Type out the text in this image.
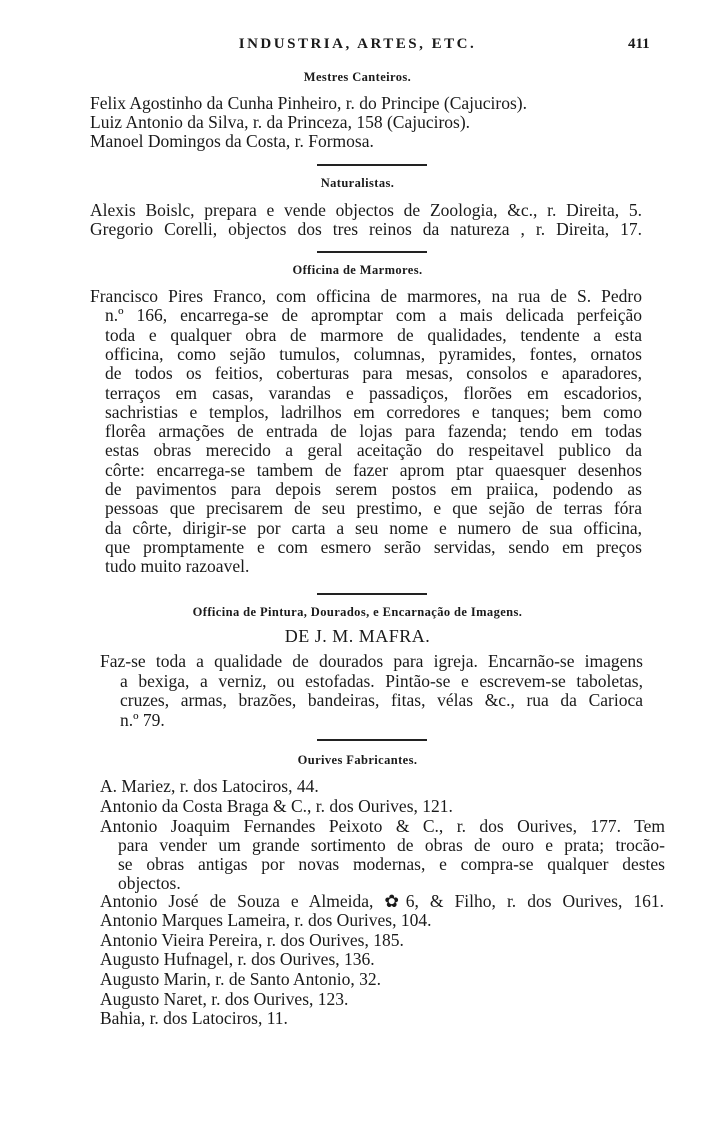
INDUSTRIA, ARTES, ETC.	411
Mestres Canteiros.
Felix Agostinho da Cunha Pinheiro, r. do Principe (Cajuciros).
Luiz Antonio da Silva, r. da Princeza, 158 (Cajuciros).
Manoel Domingos da Costa, r. Formosa.
Naturalistas.
Alexis Boislc, prepara e vende objectos de Zoologia, &c., r. Direita, 5.
Gregorio Corelli, objectos dos tres reinos da natureza , r. Direita, 17.
Officina de Marmores.
Francisco Pires Franco, com officina de marmores, na rua de S. Pedro
n.º 166, encarrega-se de apromptar com a mais delicada perfeição
toda e qualquer obra de marmore de qualidades, tendente a esta
officina, como sejão tumulos, columnas, pyramides, fontes, ornatos
de todos os feitios, coberturas para mesas, consolos e aparadores,
terraços em casas, varandas e passadiços, florões em escadorios,
sachristias e templos, ladrilhos em corredores e tanques; bem como
florêa armações de entrada de lojas para fazenda; tendo em todas
estas obras merecido a geral aceitação do respeitavel publico da
côrte: encarrega-se tambem de fazer aprom ptar quaesquer desenhos
de pavimentos para depois serem postos em praiica, podendo as
pessoas que precisarem de seu prestimo, e que sejão de terras fóra
da côrte, dirigir-se por carta a seu nome e numero de sua officina,
que promptamente e com esmero serão servidas, sendo em preços
tudo muito razoavel.
Officina de Pintura, Dourados, e Encarnação de Imagens.
DE J. M. MAFRA.
Faz-se toda a qualidade de dourados para igreja. Encarnão-se imagens
a bexiga, a verniz, ou estofadas. Pintão-se e escrevem-se taboletas,
cruzes, armas, brazões, bandeiras, fitas, vélas &c., rua da Carioca
n.º 79.
Ourives Fabricantes.
A. Mariez, r. dos Latociros, 44.
Antonio da Costa Braga & C., r. dos Ourives, 121.
Antonio Joaquim Fernandes Peixoto & C., r. dos Ourives, 177. Tem
para vender um grande sortimento de obras de ouro e prata; trocão-
se obras antigas por novas modernas, e compra-se qualquer destes
objectos.
Antonio José de Souza e Almeida, ✿6, & Filho, r. dos Ourives, 161.
Antonio Marques Lameira, r. dos Ourives, 104.
Antonio Vieira Pereira, r. dos Ourives, 185.
Augusto Hufnagel, r. dos Ourives, 136.
Augusto Marin, r. de Santo Antonio, 32.
Augusto Naret, r. dos Ourives, 123.
Bahia, r. dos Latociros, 11.
